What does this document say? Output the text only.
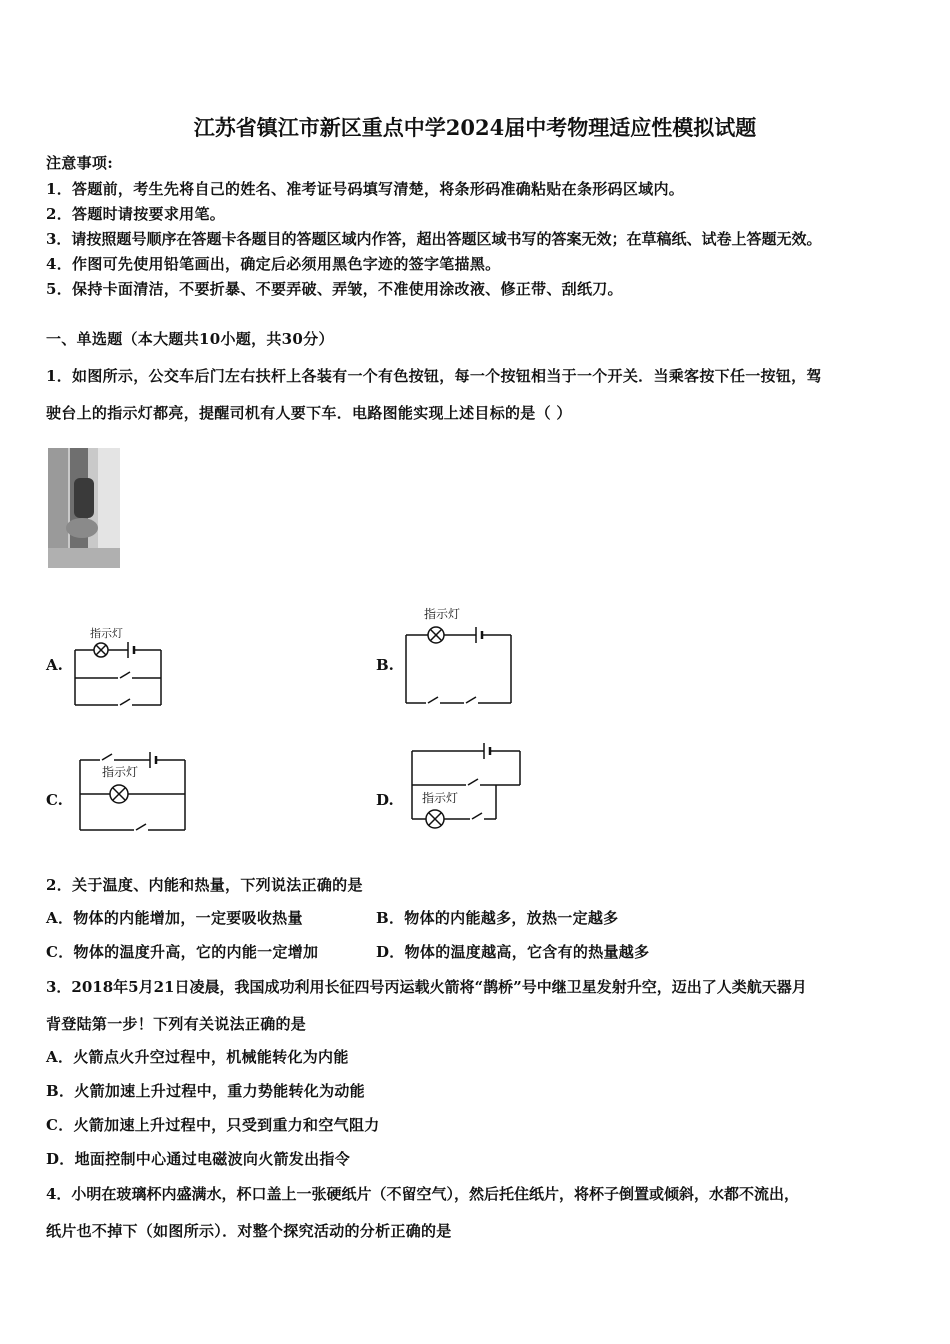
江苏省镇江市新区重点中学2024届中考物理适应性模拟试题
注意事项:
1．答题前，考生先将自己的姓名、准考证号码填写清楚，将条形码准确粘贴在条形码区域内。
2．答题时请按要求用笔。
3．请按照题号顺序在答题卡各题目的答题区域内作答，超出答题区域书写的答案无效；在草稿纸、试卷上答题无效。
4．作图可先使用铅笔画出，确定后必须用黑色字迹的签字笔描黑。
5．保持卡面清洁，不要折暴、不要弄破、弄皱，不准使用涂改液、修正带、刮纸刀。
一、单选题（本大题共10小题，共30分）
1．如图所示，公交车后门左右扶杆上各装有一个有色按钮，每一个按钮相当于一个开关．当乘客按下任一按钮，驾
驶台上的指示灯都亮，提醒司机有人要下车．电路图能实现上述目标的是（ ）
A.
指示灯
B.
指示灯
C.
指示灯
D. 指示灯
2．关于温度、内能和热量，下列说法正确的是
A．物体的内能增加，一定要吸收热量	B．物体的内能越多，放热一定越多
C．物体的温度升高，它的内能一定增加	D．物体的温度越高，它含有的热量越多
3．2018年5月21日凌晨，我国成功利用长征四号丙运载火箭将“鹊桥”号中继卫星发射升空，迈出了人类航天器月
背登陆第一步！下列有关说法正确的是
A．火箭点火升空过程中，机械能转化为内能
B．火箭加速上升过程中，重力势能转化为动能
C．火箭加速上升过程中，只受到重力和空气阻力
D．地面控制中心通过电磁波向火箭发出指令
4．小明在玻璃杯内盛满水，杯口盖上一张硬纸片（不留空气），然后托住纸片，将杯子倒置或倾斜，水都不流出，
纸片也不掉下（如图所示）．对整个探究活动的分析正确的是
